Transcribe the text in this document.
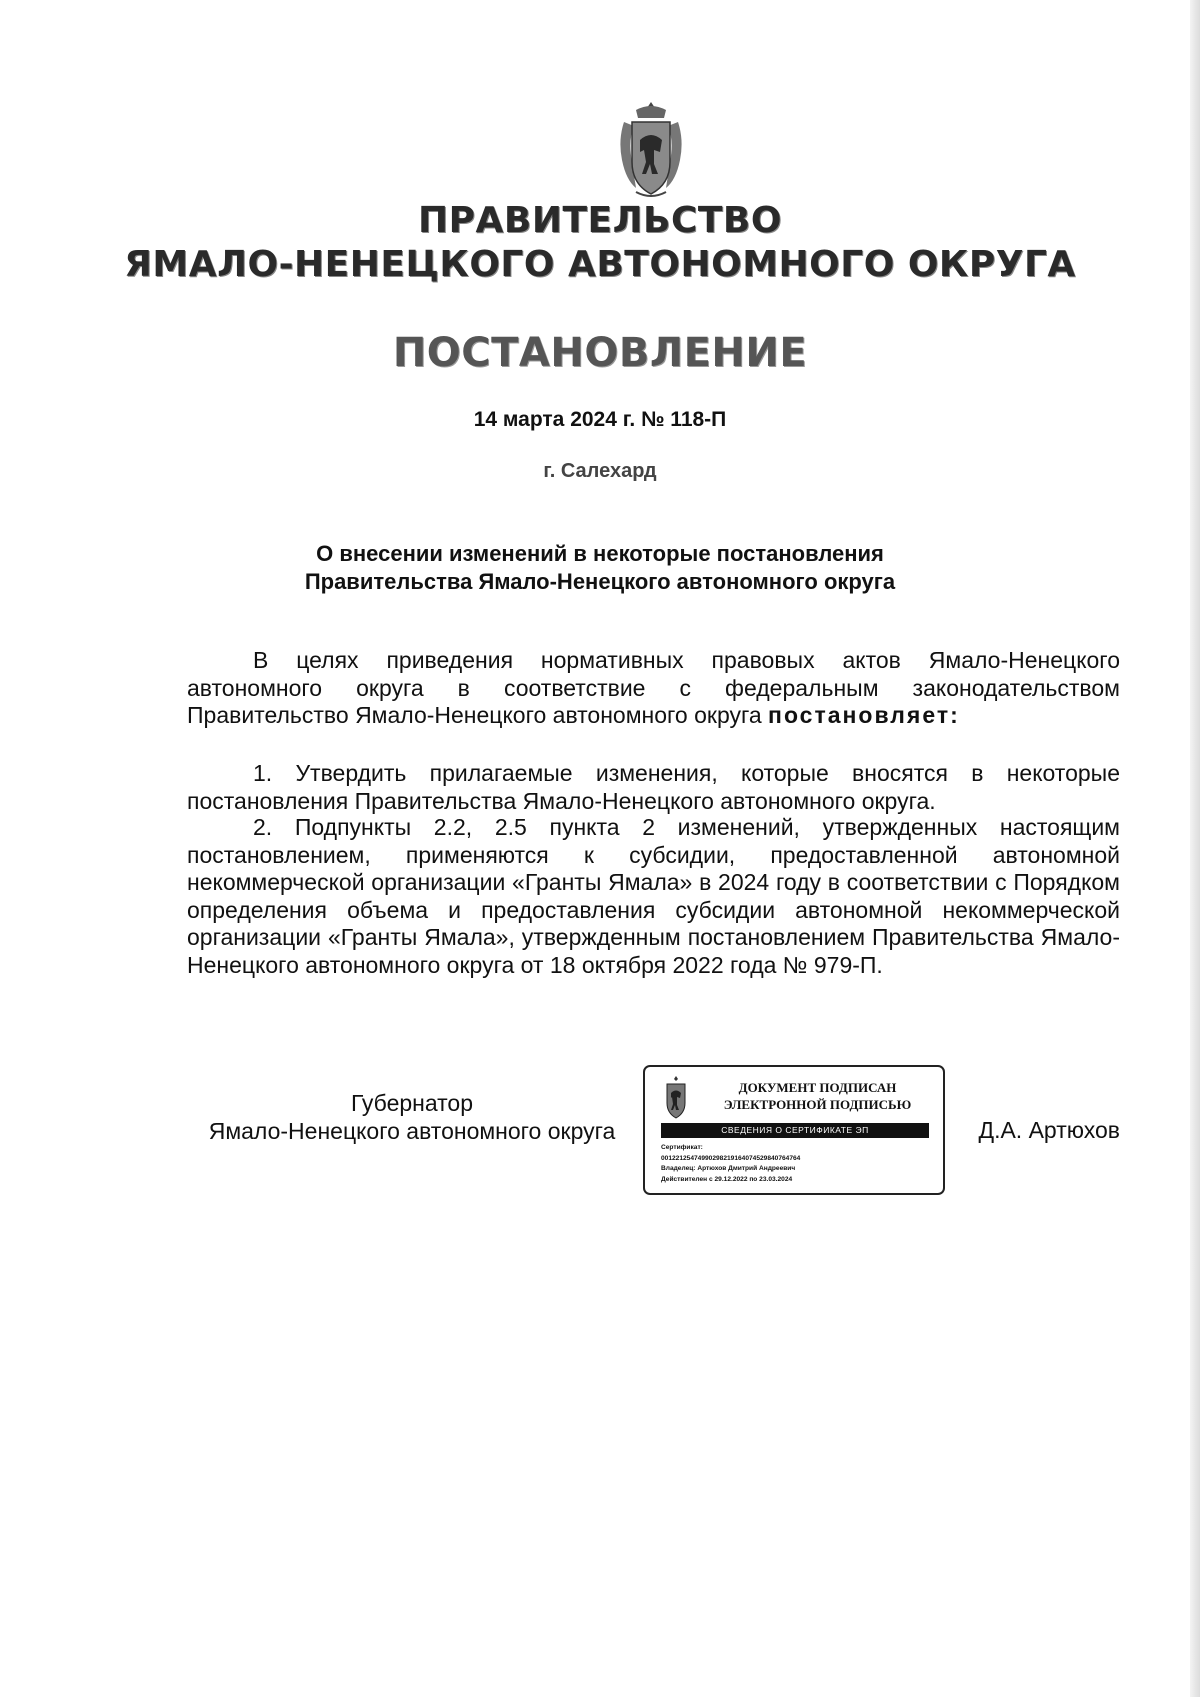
ПРАВИТЕЛЬСТВО
ЯМАЛО-НЕНЕЦКОГО АВТОНОМНОГО ОКРУГА
ПОСТАНОВЛЕНИЕ
14 марта 2024 г. № 118-П
г. Салехард
О внесении изменений в некоторые постановления
Правительства Ямало-Ненецкого автономного округа

В целях приведения нормативных правовых актов Ямало-Ненецкого автономного округа в соответствие с федеральным законодательством Правительство Ямало-Ненецкого автономного округа постановляет:

1. Утвердить прилагаемые изменения, которые вносятся в некоторые постановления Правительства Ямало-Ненецкого автономного округа.

2. Подпункты 2.2, 2.5 пункта 2 изменений, утвержденных настоящим постановлением, применяются к субсидии, предоставленной автономной некоммерческой организации «Гранты Ямала» в 2024 году в соответствии с Порядком определения объема и предоставления субсидии автономной некоммерческой организации «Гранты Ямала», утвержденным постановлением Правительства Ямало-Ненецкого автономного округа от 18 октября 2022 года № 979-П.

Губернатор
Ямало-Ненецкого автономного округа
ДОКУМЕНТ ПОДПИСАН
ЭЛЕКТРОННОЙ ПОДПИСЬЮ
СВЕДЕНИЯ О СЕРТИФИКАТЕ ЭП
Сертификат:
00122125474990298219164074529840764764
Владелец: Артюхов Дмитрий Андреевич
Действителен с 29.12.2022 по 23.03.2024
Д.А. Артюхов
